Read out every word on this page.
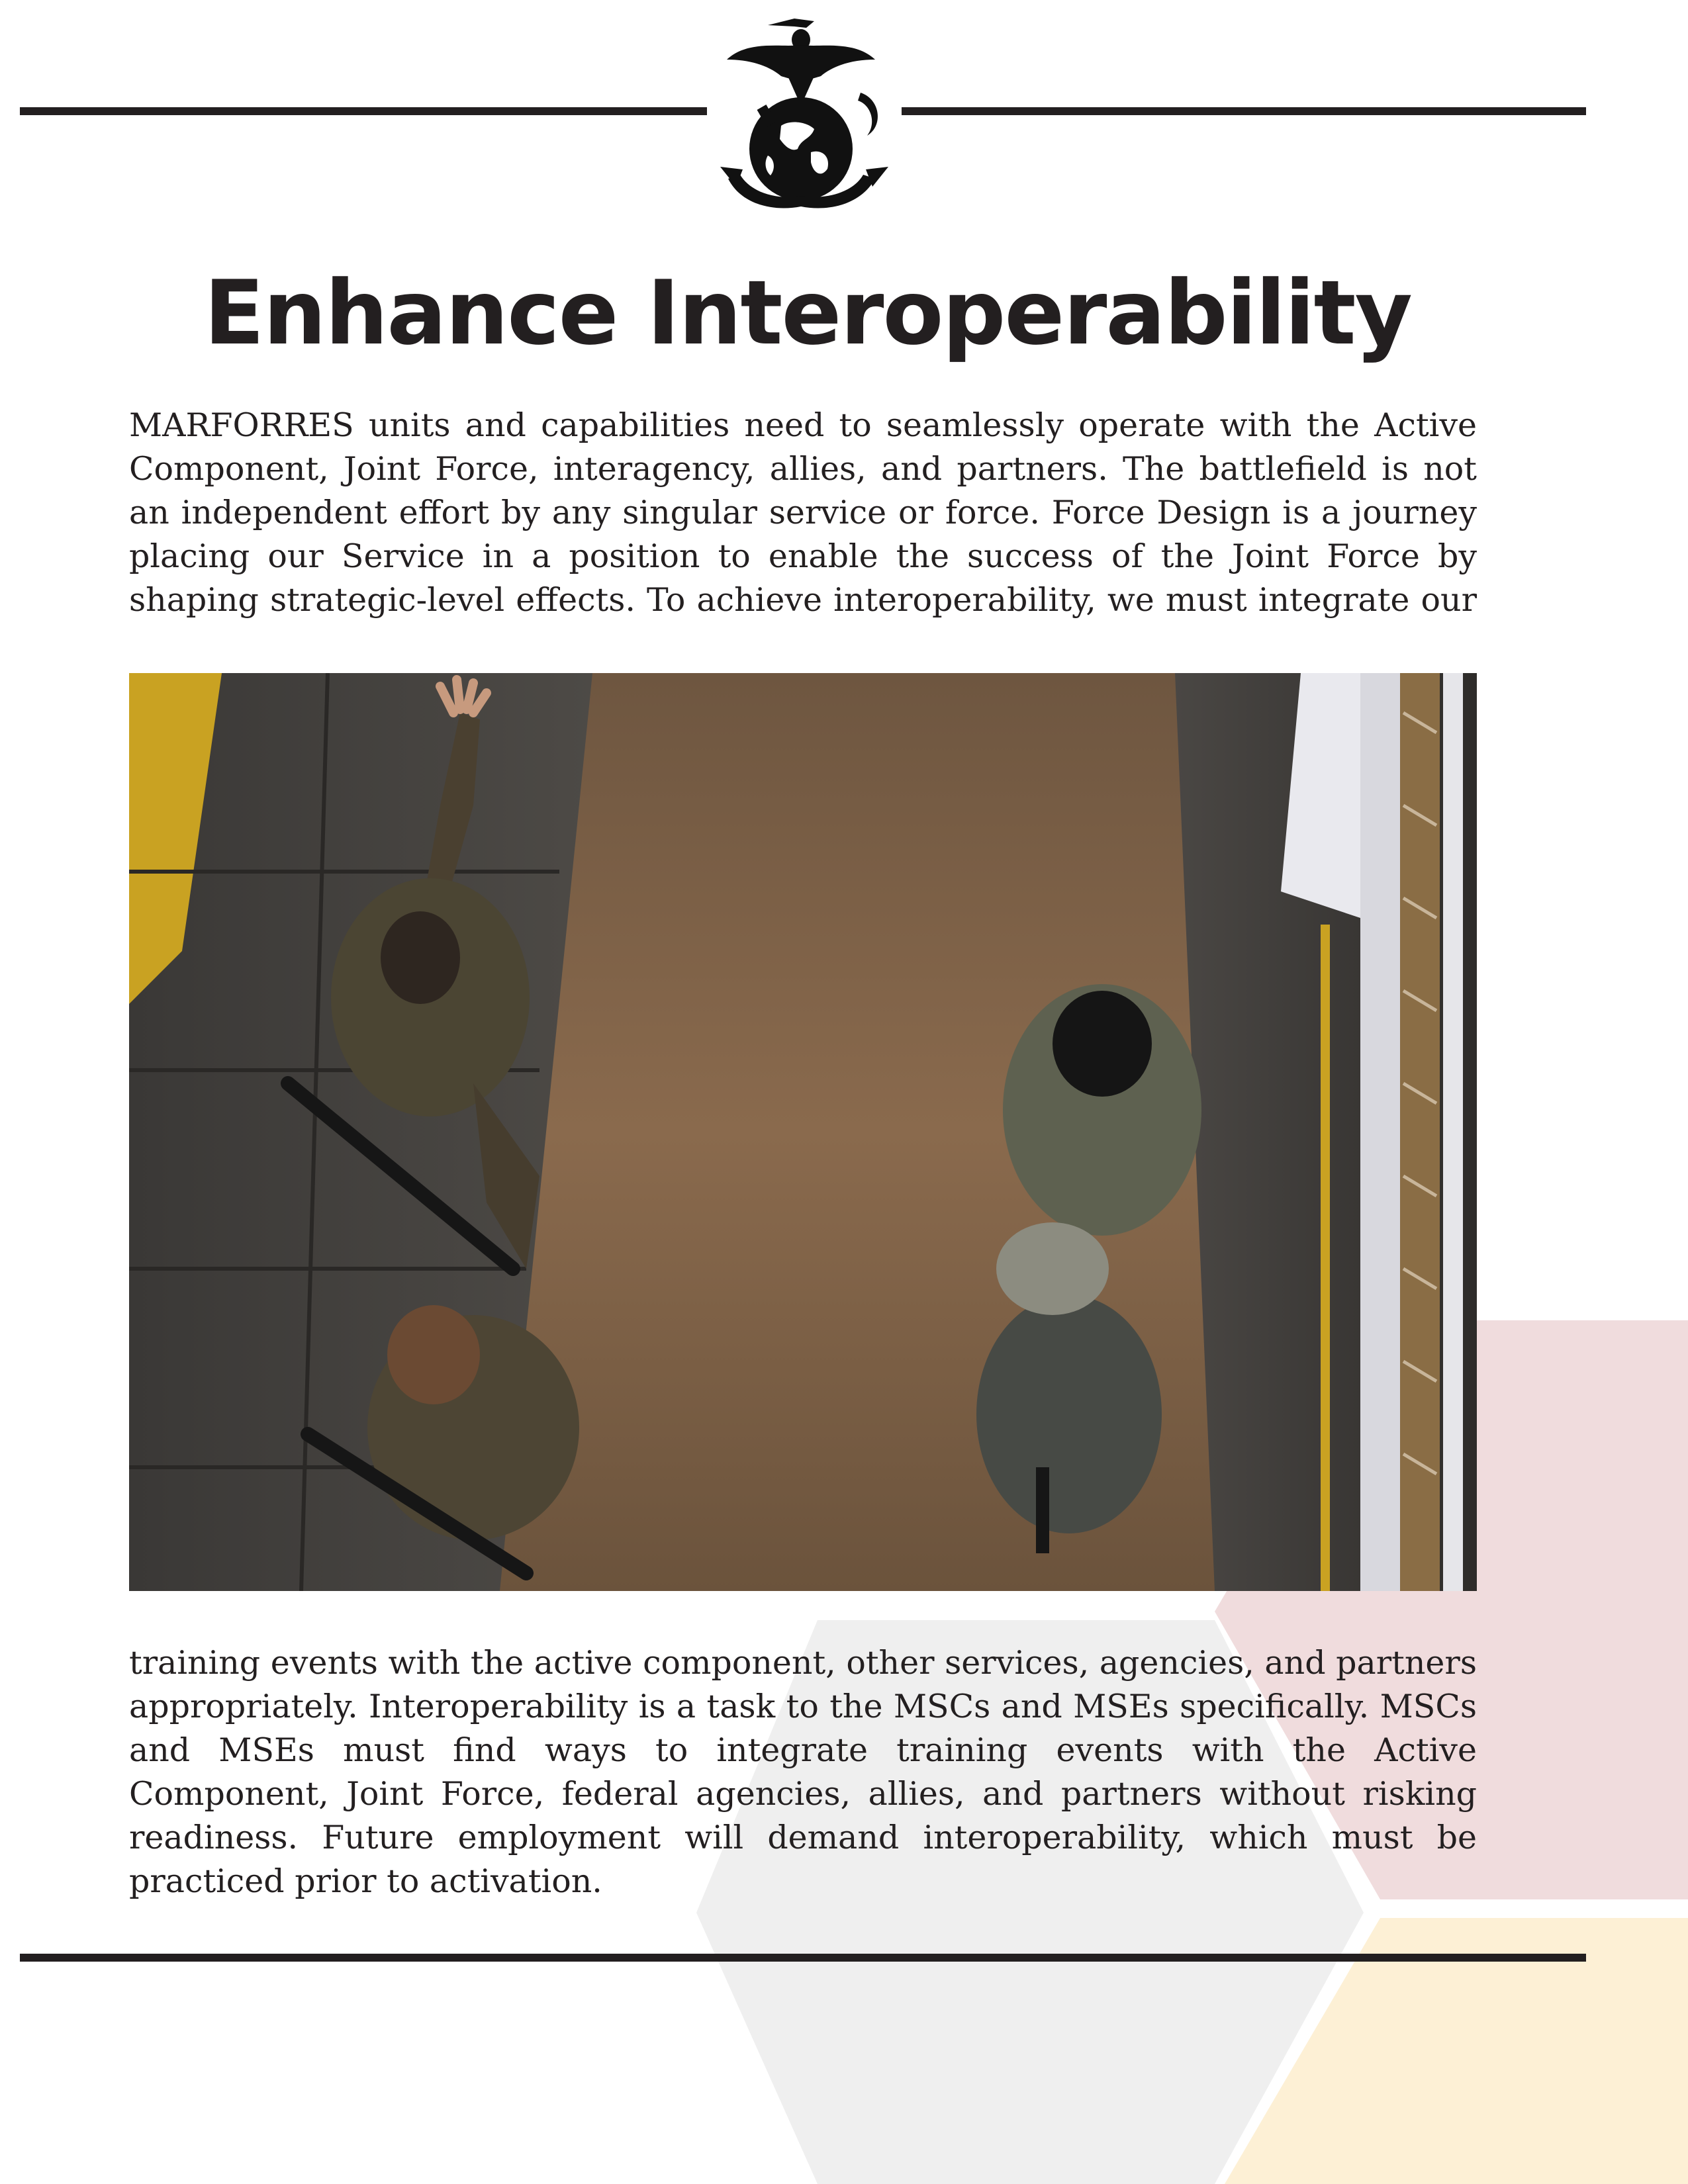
Enhance Interoperability

MARFORRES units and capabilities need to seamlessly operate with the Active Component, Joint Force, interagency, allies, and partners. The battlefield is not an independent effort by any singular service or force. Force Design is a journey placing our Service in a position to enable the success of the Joint Force by shaping strategic-level effects. To achieve interoperability, we must integrate our

training events with the active component, other services, agencies, and partners appropriately. Interoperability is a task to the MSCs and MSEs specifically. MSCs and MSEs must find ways to integrate training events with the Active Component, Joint Force, federal agencies, allies, and partners without risking readiness. Future employment will demand interoperability, which must be practiced prior to activation.
